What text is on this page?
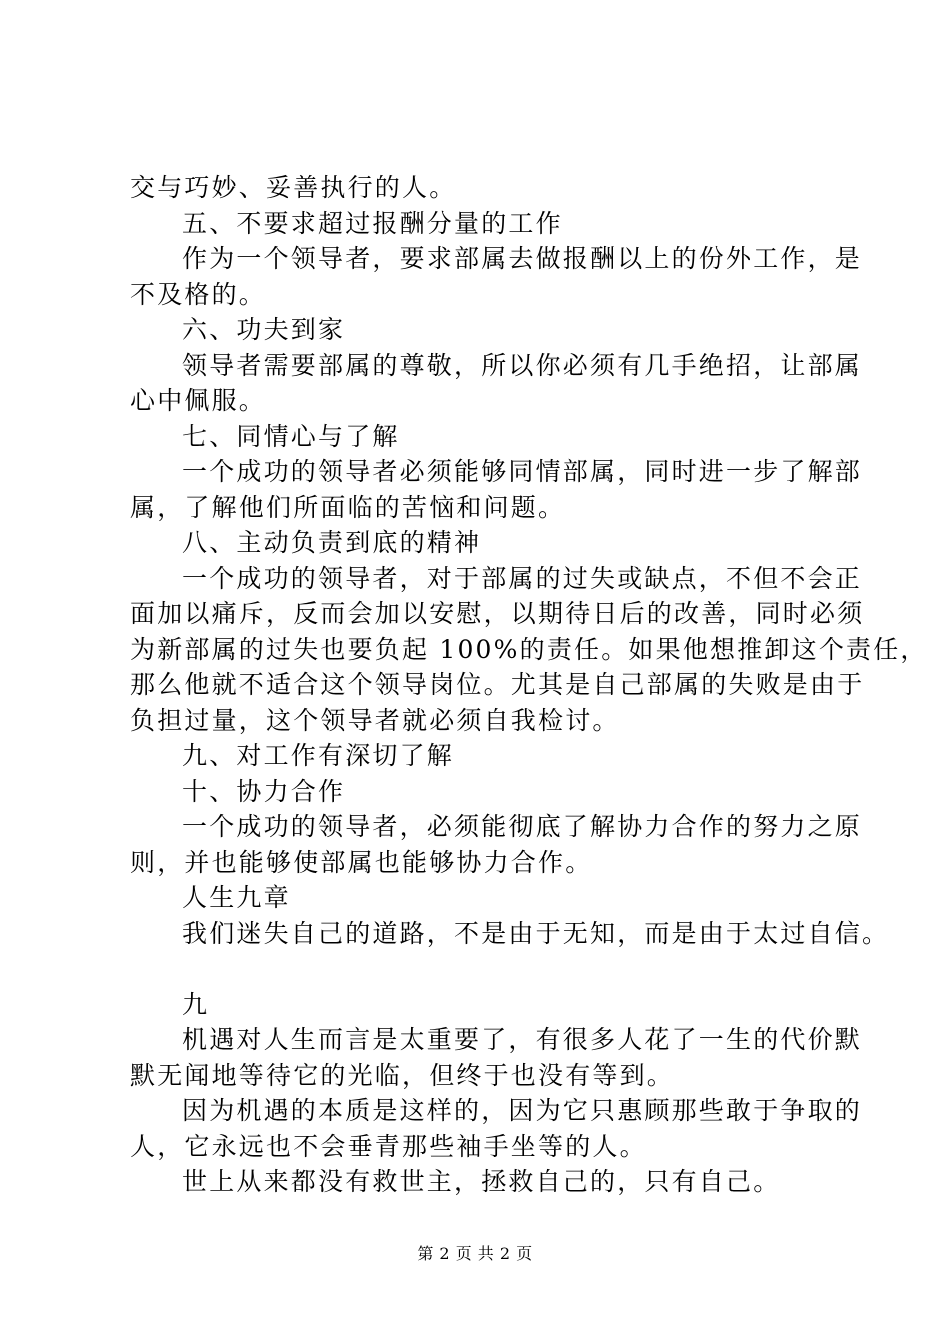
交与巧妙、妥善执行的人。
五、不要求超过报酬分量的工作
作为一个领导者，要求部属去做报酬以上的份外工作，是
不及格的。
六、功夫到家
领导者需要部属的尊敬，所以你必须有几手绝招，让部属
心中佩服。
七、同情心与了解
一个成功的领导者必须能够同情部属，同时进一步了解部
属，了解他们所面临的苦恼和问题。
八、主动负责到底的精神
一个成功的领导者，对于部属的过失或缺点，不但不会正
面加以痛斥，反而会加以安慰，以期待日后的改善，同时必须
为新部属的过失也要负起 100%的责任。如果他想推卸这个责任，
那么他就不适合这个领导岗位。尤其是自己部属的失败是由于
负担过量，这个领导者就必须自我检讨。
九、对工作有深切了解
十、协力合作
一个成功的领导者，必须能彻底了解协力合作的努力之原
则，并也能够使部属也能够协力合作。
人生九章
我们迷失自己的道路，不是由于无知，而是由于太过自信。
九
机遇对人生而言是太重要了，有很多人花了一生的代价默
默无闻地等待它的光临，但终于也没有等到。
因为机遇的本质是这样的，因为它只惠顾那些敢于争取的
人，它永远也不会垂青那些袖手坐等的人。
世上从来都没有救世主，拯救自己的，只有自己。
第 2 页 共 2 页
